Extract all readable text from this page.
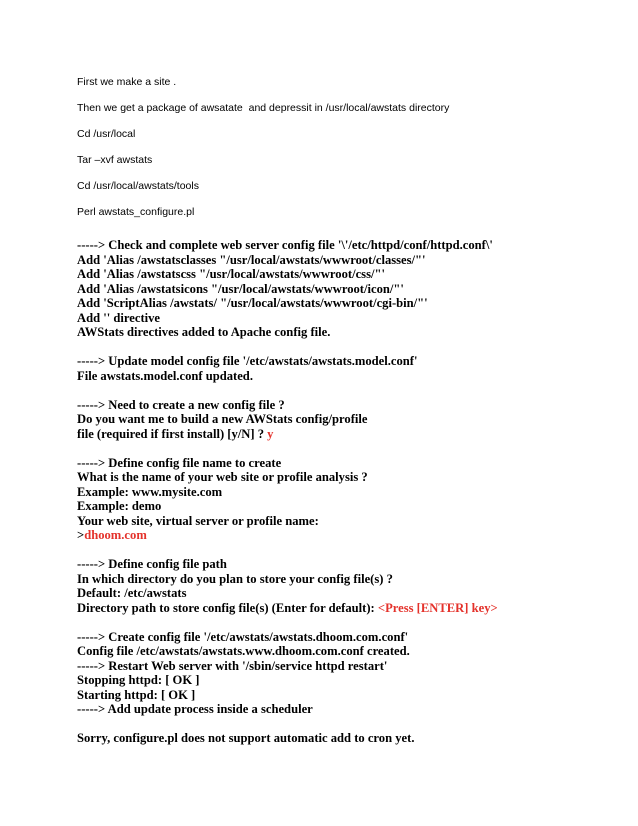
First we make a site .

Then we get a package of awsatate  and depressit in /usr/local/awstats directory

Cd /usr/local

Tar –xvf awstats

Cd /usr/local/awstats/tools

Perl awstats_configure.pl

-----> Check and complete web server config file '\'/etc/httpd/conf/httpd.conf\'
Add 'Alias /awstatsclasses "/usr/local/awstats/wwwroot/classes/"'
Add 'Alias /awstatscss "/usr/local/awstats/wwwroot/css/"'
Add 'Alias /awstatsicons "/usr/local/awstats/wwwroot/icon/"'
Add 'ScriptAlias /awstats/ "/usr/local/awstats/wwwroot/cgi-bin/"'
Add '' directive
AWStats directives added to Apache config file.
-----> Update model config file '/etc/awstats/awstats.model.conf'
File awstats.model.conf updated.
-----> Need to create a new config file ?
Do you want me to build a new AWStats config/profile
file (required if first install) [y/N] ? y
-----> Define config file name to create
What is the name of your web site or profile analysis ?
Example: www.mysite.com
Example: demo
Your web site, virtual server or profile name:
>dhoom.com
-----> Define config file path
In which directory do you plan to store your config file(s) ?
Default: /etc/awstats
Directory path to store config file(s) (Enter for default): <Press [ENTER] key>
-----> Create config file '/etc/awstats/awstats.dhoom.com.conf'
Config file /etc/awstats/awstats.www.dhoom.com.conf created.
-----> Restart Web server with '/sbin/service httpd restart'
Stopping httpd: [ OK ]
Starting httpd: [ OK ]
-----> Add update process inside a scheduler
Sorry, configure.pl does not support automatic add to cron yet.
